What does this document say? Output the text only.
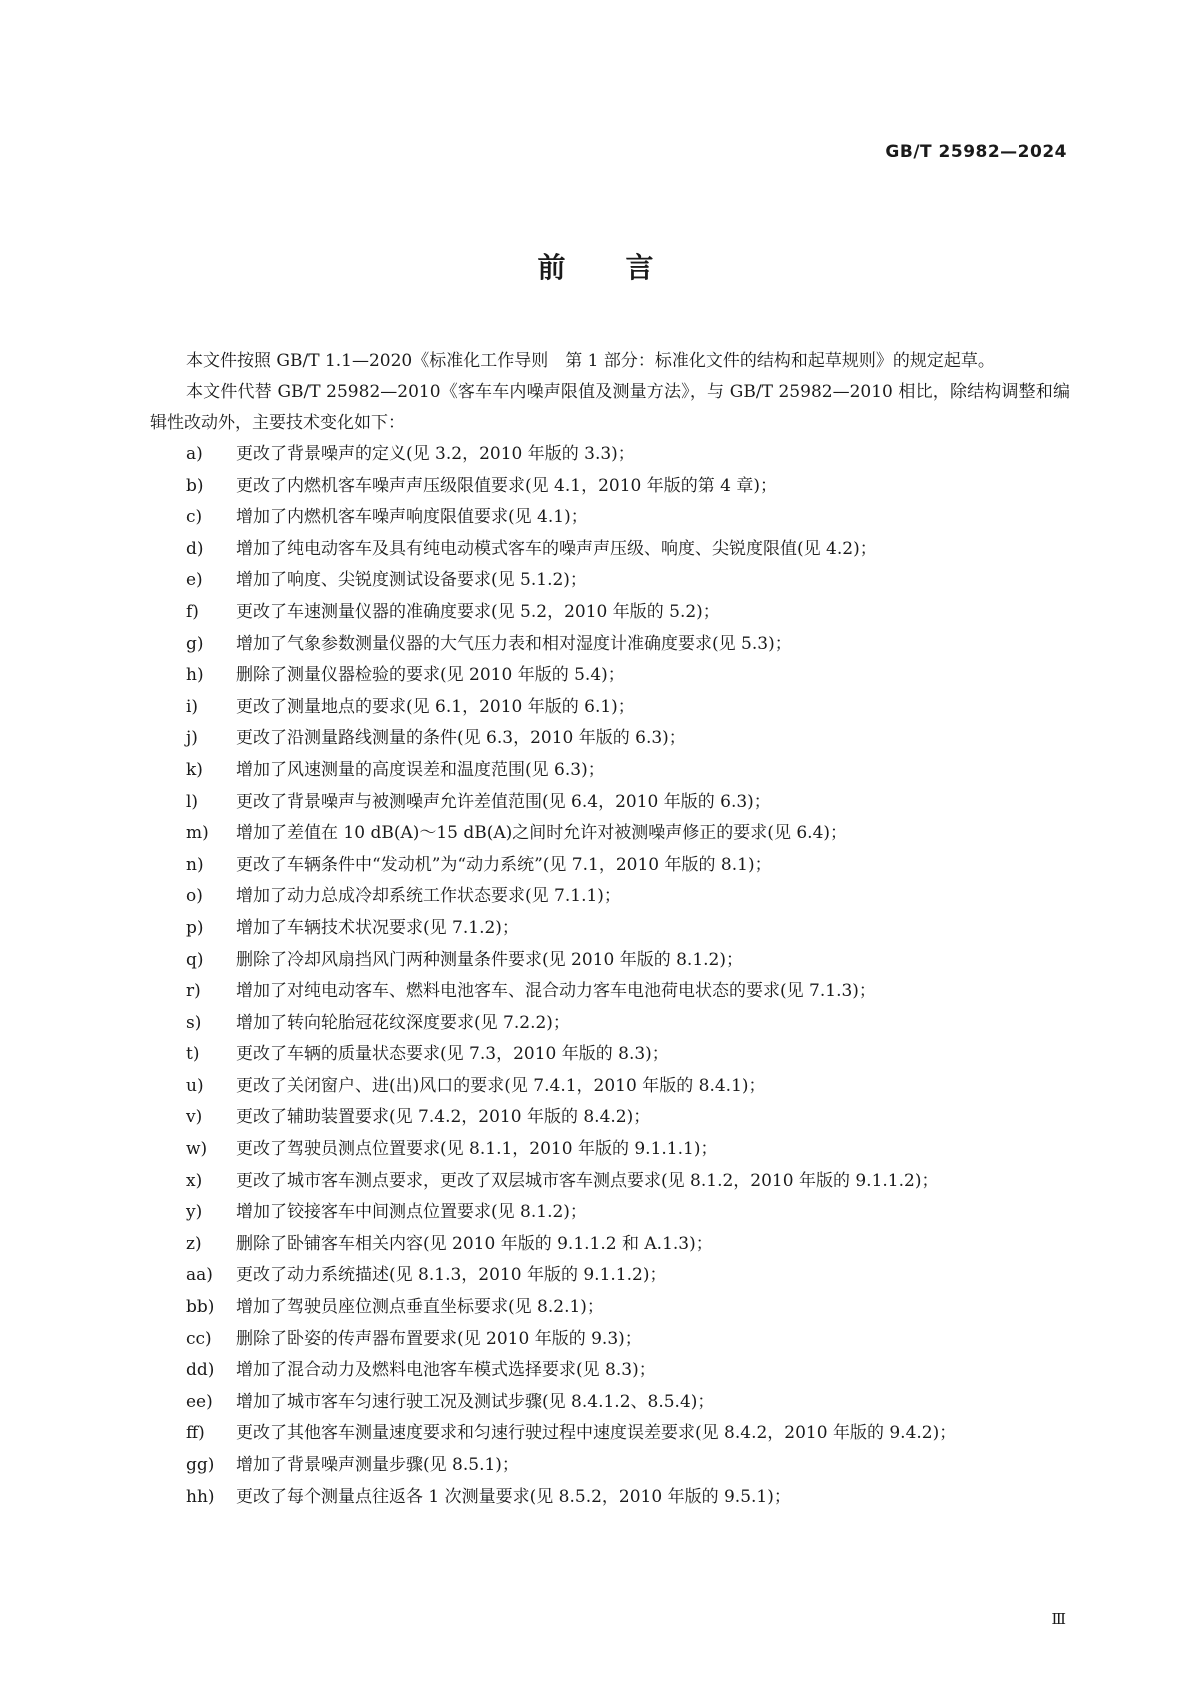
GB/T 25982—2024
前言

本文件按照 GB/T 1.1—2020《标准化工作导则　第 1 部分：标准化文件的结构和起草规则》的规定起草。

本文件代替 GB/T 25982—2010《客车车内噪声限值及测量方法》，与 GB/T 25982—2010 相比，除结构调整和编辑性改动外，主要技术变化如下：

a)	更改了背景噪声的定义(见 3.2，2010 年版的 3.3)；
b)	更改了内燃机客车噪声声压级限值要求(见 4.1，2010 年版的第 4 章)；
c)	增加了内燃机客车噪声响度限值要求(见 4.1)；
d)	增加了纯电动客车及具有纯电动模式客车的噪声声压级、响度、尖锐度限值(见 4.2)；
e)	增加了响度、尖锐度测试设备要求(见 5.1.2)；
f)	更改了车速测量仪器的准确度要求(见 5.2，2010 年版的 5.2)；
g)	增加了气象参数测量仪器的大气压力表和相对湿度计准确度要求(见 5.3)；
h)	删除了测量仪器检验的要求(见 2010 年版的 5.4)；
i)	更改了测量地点的要求(见 6.1，2010 年版的 6.1)；
j)	更改了沿测量路线测量的条件(见 6.3，2010 年版的 6.3)；
k)	增加了风速测量的高度误差和温度范围(见 6.3)；
l)	更改了背景噪声与被测噪声允许差值范围(见 6.4，2010 年版的 6.3)；
m)	增加了差值在 10 dB(A)～15 dB(A)之间时允许对被测噪声修正的要求(见 6.4)；
n)	更改了车辆条件中“发动机”为“动力系统”(见 7.1，2010 年版的 8.1)；
o)	增加了动力总成冷却系统工作状态要求(见 7.1.1)；
p)	增加了车辆技术状况要求(见 7.1.2)；
q)	删除了冷却风扇挡风门两种测量条件要求(见 2010 年版的 8.1.2)；
r)	增加了对纯电动客车、燃料电池客车、混合动力客车电池荷电状态的要求(见 7.1.3)；
s)	增加了转向轮胎冠花纹深度要求(见 7.2.2)；
t)	更改了车辆的质量状态要求(见 7.3，2010 年版的 8.3)；
u)	更改了关闭窗户、进(出)风口的要求(见 7.4.1，2010 年版的 8.4.1)；
v)	更改了辅助装置要求(见 7.4.2，2010 年版的 8.4.2)；
w)	更改了驾驶员测点位置要求(见 8.1.1，2010 年版的 9.1.1.1)；
x)	更改了城市客车测点要求，更改了双层城市客车测点要求(见 8.1.2，2010 年版的 9.1.1.2)；
y)	增加了铰接客车中间测点位置要求(见 8.1.2)；
z)	删除了卧铺客车相关内容(见 2010 年版的 9.1.1.2 和 A.1.3)；
aa)	更改了动力系统描述(见 8.1.3，2010 年版的 9.1.1.2)；
bb)	增加了驾驶员座位测点垂直坐标要求(见 8.2.1)；
cc)	删除了卧姿的传声器布置要求(见 2010 年版的 9.3)；
dd)	增加了混合动力及燃料电池客车模式选择要求(见 8.3)；
ee)	增加了城市客车匀速行驶工况及测试步骤(见 8.4.1.2、8.5.4)；
ff)	更改了其他客车测量速度要求和匀速行驶过程中速度误差要求(见 8.4.2，2010 年版的 9.4.2)；
gg)	增加了背景噪声测量步骤(见 8.5.1)；
hh)	更改了每个测量点往返各 1 次测量要求(见 8.5.2，2010 年版的 9.5.1)；
Ⅲ
